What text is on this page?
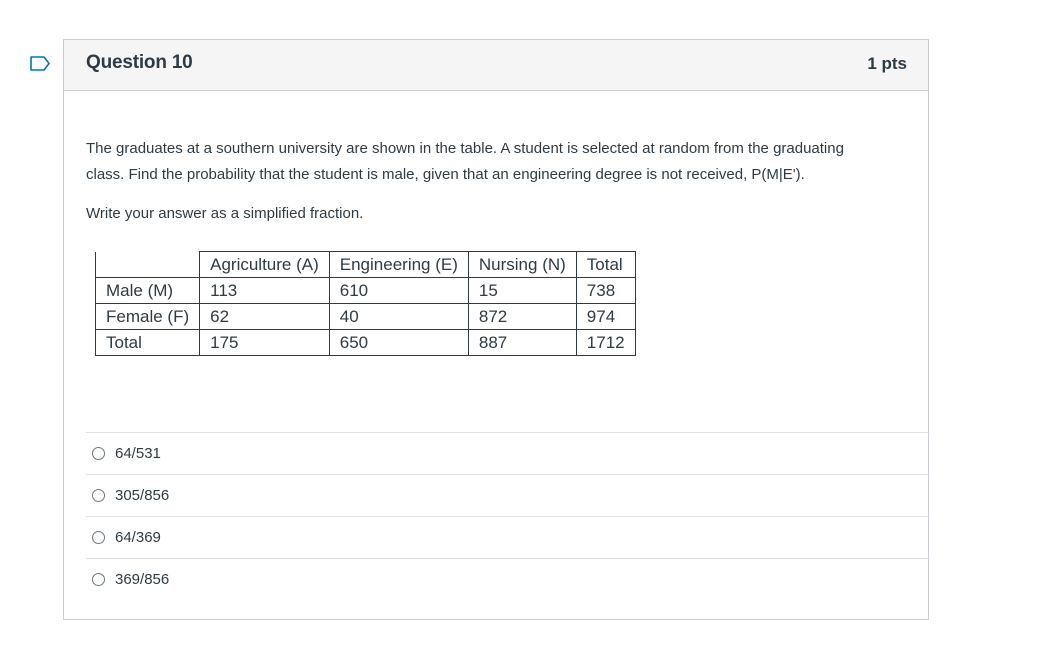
Question 10	1 pts

The graduates at a southern university are shown in the table. A student is selected at random from the graduating class. Find the probability that the student is male, given that an engineering degree is not received, P(M|E').

Write your answer as a simplified fraction.

	Agriculture (A)	Engineering (E)	Nursing (N)	Total
Male (M)	113	610	15	738
Female (F)	62	40	872	974
Total	175	650	887	1712
64/531
305/856
64/369
369/856
